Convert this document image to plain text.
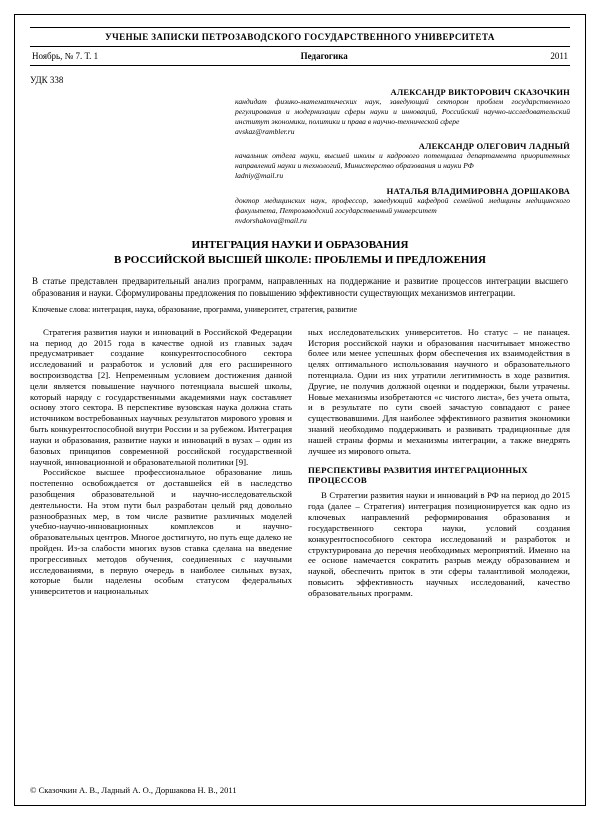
УЧЕНЫЕ ЗАПИСКИ ПЕТРОЗАВОДСКОГО ГОСУДАРСТВЕННОГО УНИВЕРСИТЕТА
Ноябрь, № 7. Т. 1	Педагогика	2011
УДК 338
АЛЕКСАНДР ВИКТОРОВИЧ СКАЗОЧКИН
кандидат физико-математических наук, заведующий сектором проблем государственного регулирования и модернизации сферы науки и инноваций, Российский научно-исследовательский институт экономики, политики и права в научно-технической сфере
avskaz@rambler.ru
АЛЕКСАНДР ОЛЕГОВИЧ ЛАДНЫЙ
начальник отдела науки, высшей школы и кадрового потенциала департамента приоритетных направлений науки и технологий, Министерство образования и науки РФ
ladniy@mail.ru
НАТАЛЬЯ ВЛАДИМИРОВНА ДОРШАКОВА
доктор медицинских наук, профессор, заведующий кафедрой семейной медицины медицинского факультета, Петрозаводский государственный университет
nvdorshakova@mail.ru
ИНТЕГРАЦИЯ НАУКИ И ОБРАЗОВАНИЯ
В РОССИЙСКОЙ ВЫСШЕЙ ШКОЛЕ: ПРОБЛЕМЫ И ПРЕДЛОЖЕНИЯ

В статье представлен предварительный анализ программ, направленных на поддержание и развитие процессов интеграции высшего образования и науки. Сформулированы предложения по повышению эффективности существующих механизмов интеграции.

Ключевые слова: интеграция, наука, образование, программа, университет, стратегия, развитие

Стратегия развития науки и инноваций в Российской Федерации на период до 2015 года в качестве одной из главных задач предусматривает создание конкурентоспособного сектора исследований и разработок и условий для его расширенного воспроизводства [2]. Непременным условием достижения данной цели является повышение научного потенциала высшей школы, который наряду с государственными академиями наук составляет основу этого сектора. В перспективе вузовская наука должна стать источником востребованных научных результатов мирового уровня и быть конкурентоспособной внутри России и за рубежом. Интеграция науки и образования, развитие науки и инноваций в вузах – один из базовых принципов современной российской государственной научной, инновационной и образовательной политики [9].

Российское высшее профессиональное образование лишь постепенно освобождается от доставшейся ей в наследство разобщения образовательной и научно-исследовательской деятельности. На этом пути был разработан целый ряд довольно разнообразных мер, в том числе развитие различных моделей учебно-научно-инновационных комплексов и научно-образовательных центров. Многое достигнуто, но путь еще далеко не пройден. Из-за слабости многих вузов ставка сделана на введение прогрессивных методов обучения, соединенных с научными исследованиями, в первую очередь в наиболее сильных вузах, которые были наделены особым статусом федеральных университетов и национальных

ных исследовательских университетов. Но статус – не панацея. История российской науки и образования насчитывает множество более или менее успешных форм обеспечения их взаимодействия в целях оптимального использования научного и образовательного потенциала. Одни из них утратили легитимность в ходе развития. Другие, не получив должной оценки и поддержки, были утрачены. Новые механизмы изобретаются «с чистого листа», без учета опыта, и в результате по сути своей зачастую совпадают с ранее существовавшими. Для наиболее эффективного развития экономики знаний необходимо поддерживать и развивать традиционные для нашей страны формы и механизмы интеграции, а также внедрять лучшее из мирового опыта.

ПЕРСПЕКТИВЫ РАЗВИТИЯ ИНТЕГРАЦИОННЫХ ПРОЦЕССОВ

В Стратегии развития науки и инноваций в РФ на период до 2015 года (далее – Стратегия) интеграция позиционируется как одно из ключевых направлений реформирования образования и государственного сектора науки, условий создания конкурентоспособного сектора исследований и разработок и структурирована до перечня необходимых мероприятий. Именно на ее основе намечается сократить разрыв между образованием и наукой, обеспечить приток в эти сферы талантливой молодежи, повысить эффективность научных исследований, качество образовательных программ.

© Сказочкин А. В., Ладный А. О., Доршакова Н. В., 2011
